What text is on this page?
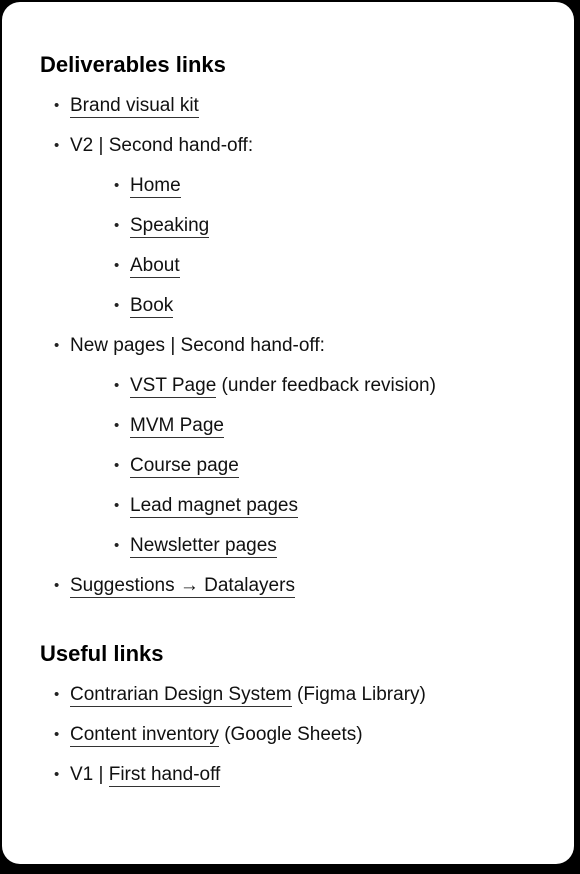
Deliverables links
• Brand visual kit
• V2 | Second hand-off:
• Home
• Speaking
• About
• Book
• New pages | Second hand-off:
• VST Page (under feedback revision)
• MVM Page
• Course page
• Lead magnet pages
• Newsletter pages
• Suggestions → Datalayers
Useful links
• Contrarian Design System (Figma Library)
• Content inventory (Google Sheets)
• V1 | First hand-off
